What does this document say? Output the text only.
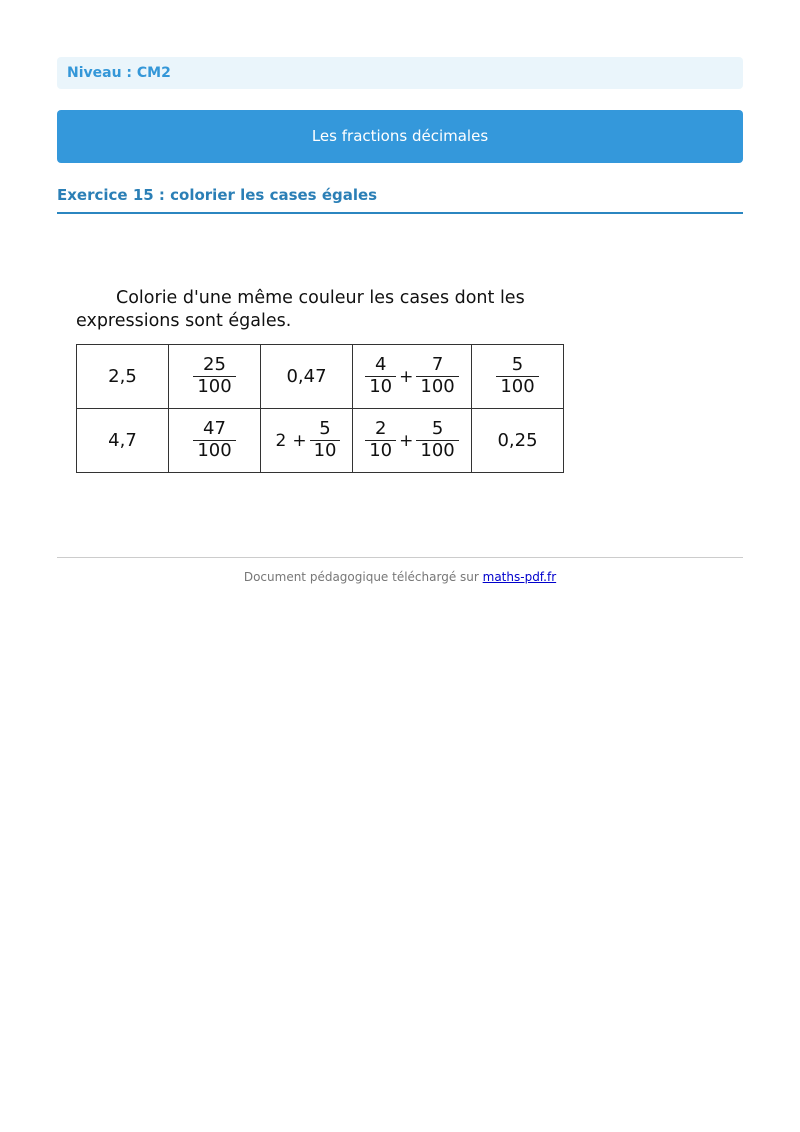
Niveau : CM2
Les fractions décimales
Exercice 15 : colorier les cases égales
Colorie d'une même couleur les cases dont les
expressions sont égales.
2,5	$\frac{25}{100}$	0,47	$\frac{4}{10} + \frac{7}{100}$	$\frac{5}{100}$

4,7	$\frac{47}{100}$	$2 + \frac{5}{10}$	$\frac{2}{10} + \frac{5}{100}$	0,25
Document pédagogique téléchargé sur maths-pdf.fr
